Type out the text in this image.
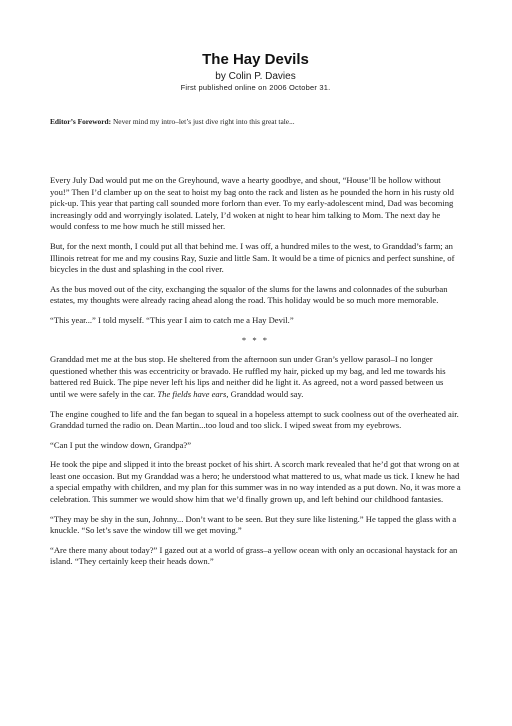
The Hay Devils
by Colin P. Davies
First published online on 2006 October 31.
Editor’s Foreword: Never mind my intro–let’s just dive right into this great tale...

Every July Dad would put me on the Greyhound, wave a hearty goodbye, and shout, “House’ll be hollow without you!” Then I’d clamber up on the seat to hoist my bag onto the rack and listen as he pounded the horn in his rusty old pick-up. This year that parting call sounded more forlorn than ever. To my early-adolescent mind, Dad was becoming increasingly odd and worryingly isolated. Lately, I’d woken at night to hear him talking to Mom. The next day he would confess to me how much he still missed her.

But, for the next month, I could put all that behind me. I was off, a hundred miles to the west, to Granddad’s farm; an Illinois retreat for me and my cousins Ray, Suzie and little Sam. It would be a time of picnics and perfect sunshine, of bicycles in the dust and splashing in the cool river.

As the bus moved out of the city, exchanging the squalor of the slums for the lawns and colonnades of the suburban estates, my thoughts were already racing ahead along the road. This holiday would be so much more memorable.

“This year...” I told myself. “This year I aim to catch me a Hay Devil.”

* * *

Granddad met me at the bus stop. He sheltered from the afternoon sun under Gran’s yellow parasol–I no longer questioned whether this was eccentricity or bravado. He ruffled my hair, picked up my bag, and led me towards his battered red Buick. The pipe never left his lips and neither did he light it. As agreed, not a word passed between us until we were safely in the car. The fields have ears, Granddad would say.

The engine coughed to life and the fan began to squeal in a hopeless attempt to suck coolness out of the overheated air. Granddad turned the radio on. Dean Martin...too loud and too slick. I wiped sweat from my eyebrows.

“Can I put the window down, Grandpa?”

He took the pipe and slipped it into the breast pocket of his shirt. A scorch mark revealed that he’d got that wrong on at least one occasion. But my Granddad was a hero; he understood what mattered to us, what made us tick. I knew he had a special empathy with children, and my plan for this summer was in no way intended as a put down. No, it was more a celebration. This summer we would show him that we’d finally grown up, and left behind our childhood fantasies.

“They may be shy in the sun, Johnny... Don’t want to be seen. But they sure like listening.” He tapped the glass with a knuckle. “So let’s save the window till we get moving.”

“Are there many about today?” I gazed out at a world of grass–a yellow ocean with only an occasional haystack for an island. “They certainly keep their heads down.”
